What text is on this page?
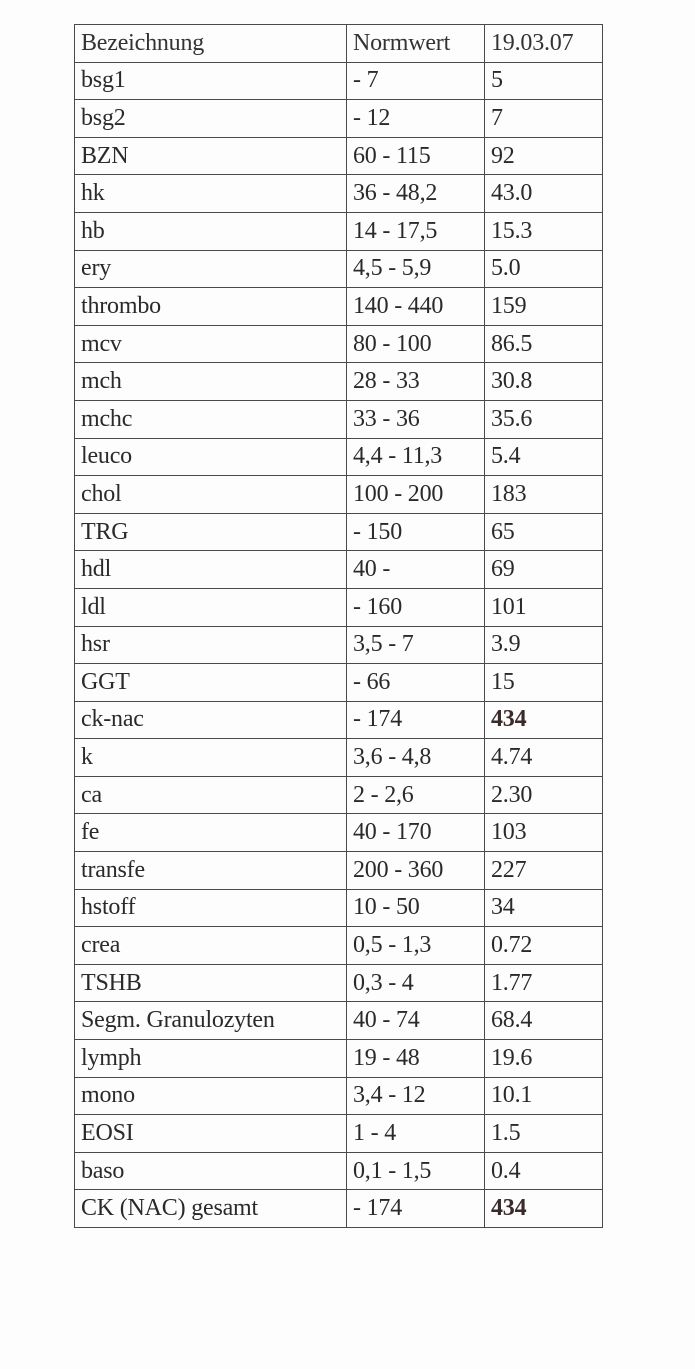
Bezeichnung	Normwert	19.03.07
bsg1	- 7	5
bsg2	- 12	7
BZN	60 - 115	92
hk	36 - 48,2	43.0
hb	14 - 17,5	15.3
ery	4,5 - 5,9	5.0
thrombo	140 - 440	159
mcv	80 - 100	86.5
mch	28 - 33	30.8
mchc	33 - 36	35.6
leuco	4,4 - 11,3	5.4
chol	100 - 200	183
TRG	- 150	65
hdl	40 -	69
ldl	- 160	101
hsr	3,5 - 7	3.9
GGT	- 66	15
ck-nac	- 174	434
k	3,6 - 4,8	4.74
ca	2 - 2,6	2.30
fe	40 - 170	103
transfe	200 - 360	227
hstoff	10 - 50	34
crea	0,5 - 1,3	0.72
TSHB	0,3 - 4	1.77
Segm. Granulozyten	40 - 74	68.4
lymph	19 - 48	19.6
mono	3,4 - 12	10.1
EOSI	1 - 4	1.5
baso	0,1 - 1,5	0.4
CK (NAC) gesamt	- 174	434
